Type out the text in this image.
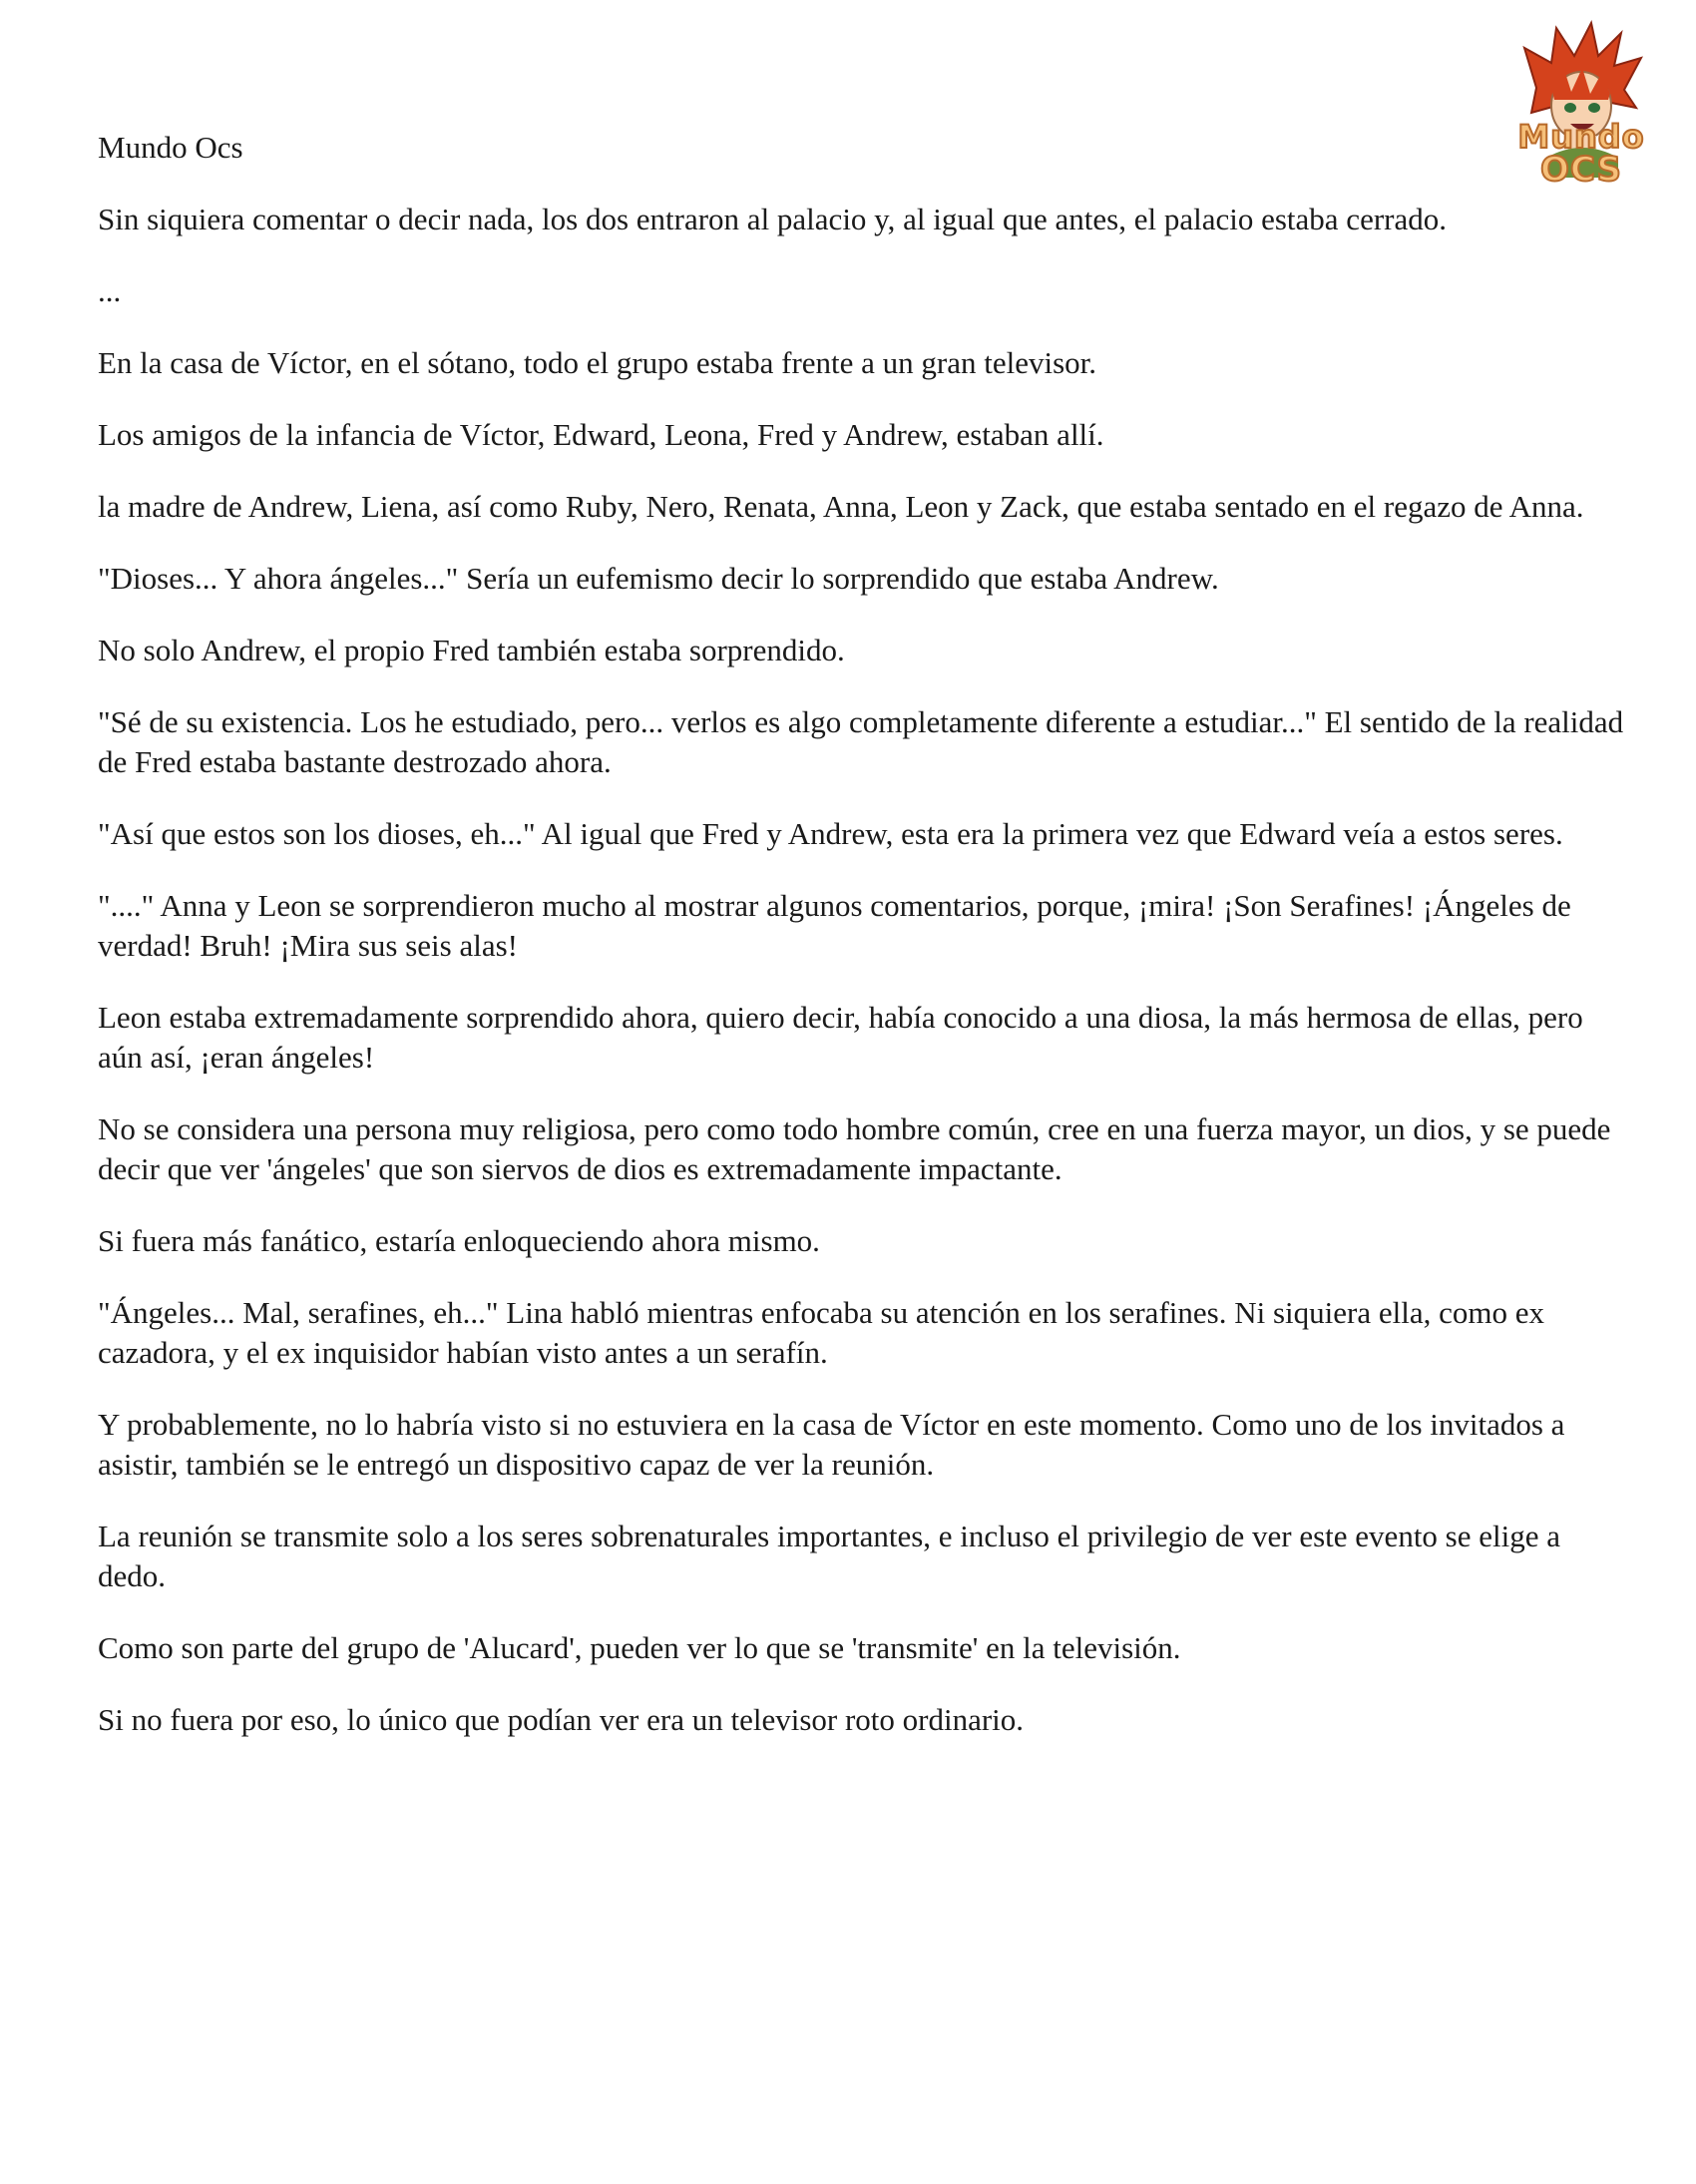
Mundo
OCS

Mundo Ocs

Sin siquiera comentar o decir nada, los dos entraron al palacio y, al igual que antes, el palacio estaba cerrado.

...

En la casa de Víctor, en el sótano, todo el grupo estaba frente a un gran televisor.

Los amigos de la infancia de Víctor, Edward, Leona, Fred y Andrew, estaban allí.

la madre de Andrew, Liena, así como Ruby, Nero, Renata, Anna, Leon y Zack, que estaba sentado en el regazo de Anna.

"Dioses... Y ahora ángeles..." Sería un eufemismo decir lo sorprendido que estaba Andrew.

No solo Andrew, el propio Fred también estaba sorprendido.

"Sé de su existencia. Los he estudiado, pero... verlos es algo completamente diferente a estudiar..." El sentido de la realidad de Fred estaba bastante destrozado ahora.

"Así que estos son los dioses, eh..." Al igual que Fred y Andrew, esta era la primera vez que Edward veía a estos seres.

"...." Anna y Leon se sorprendieron mucho al mostrar algunos comentarios, porque, ¡mira! ¡Son Serafines! ¡Ángeles de verdad! Bruh! ¡Mira sus seis alas!

Leon estaba extremadamente sorprendido ahora, quiero decir, había conocido a una diosa, la más hermosa de ellas, pero aún así, ¡eran ángeles!

No se considera una persona muy religiosa, pero como todo hombre común, cree en una fuerza mayor, un dios, y se puede decir que ver 'ángeles' que son siervos de dios es extremadamente impactante.

Si fuera más fanático, estaría enloqueciendo ahora mismo.

"Ángeles... Mal, serafines, eh..." Lina habló mientras enfocaba su atención en los serafines. Ni siquiera ella, como ex cazadora, y el ex inquisidor habían visto antes a un serafín.

Y probablemente, no lo habría visto si no estuviera en la casa de Víctor en este momento. Como uno de los invitados a asistir, también se le entregó un dispositivo capaz de ver la reunión.

La reunión se transmite solo a los seres sobrenaturales importantes, e incluso el privilegio de ver este evento se elige a dedo.

Como son parte del grupo de 'Alucard', pueden ver lo que se 'transmite' en la televisión.

Si no fuera por eso, lo único que podían ver era un televisor roto ordinario.
